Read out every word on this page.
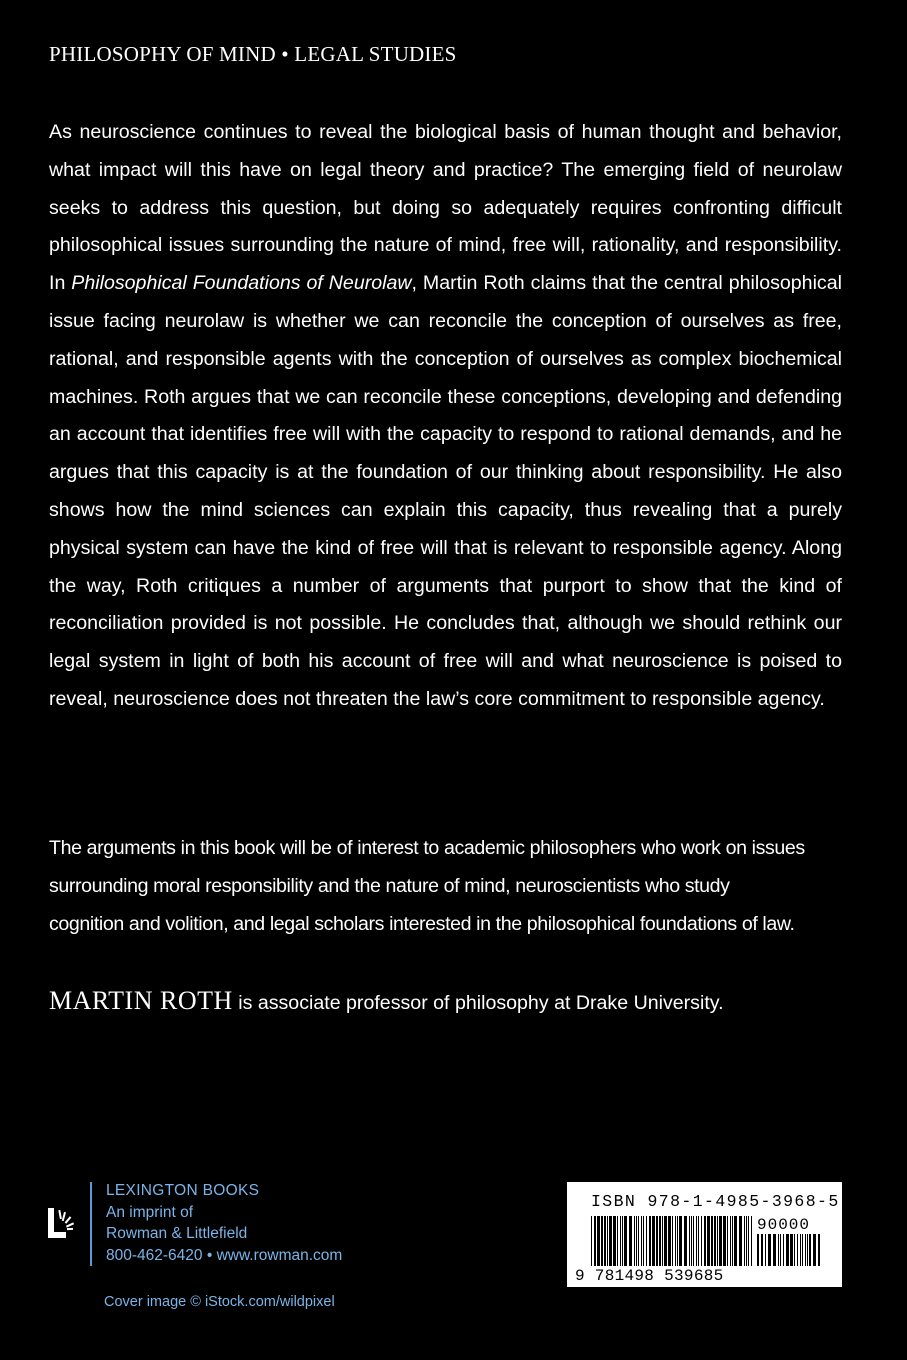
PHILOSOPHY OF MIND • LEGAL STUDIES

As neuroscience continues to reveal the biological basis of human thought and behavior, what impact will this have on legal theory and practice? The emerging field of neurolaw seeks to address this question, but doing so adequately requires confronting difficult philosophical issues surrounding the nature of mind, free will, rationality, and responsibility. In Philosophical Foundations of Neurolaw, Martin Roth claims that the central philosophical issue facing neurolaw is whether we can reconcile the conception of ourselves as free, rational, and responsible agents with the conception of ourselves as complex biochemical machines. Roth argues that we can reconcile these conceptions, developing and defending an account that identifies free will with the capacity to respond to rational demands, and he argues that this capacity is at the foundation of our thinking about responsibility. He also shows how the mind sciences can explain this capacity, thus revealing that a purely physical system can have the kind of free will that is relevant to responsible agency. Along the way, Roth critiques a number of arguments that purport to show that the kind of reconciliation provided is not possible. He concludes that, although we should rethink our legal system in light of both his account of free will and what neuroscience is poised to reveal, neuroscience does not threaten the law’s core commitment to responsible agency.

The arguments in this book will be of interest to academic philosophers who work on issues
surrounding moral responsibility and the nature of mind, neuroscientists who study
cognition and volition, and legal scholars interested in the philosophical foundations of law.

MARTIN ROTH is associate professor of philosophy at Drake University.

LEXINGTON BOOKS
An imprint of
Rowman & Littlefield
800-462-6420 • www.rowman.com
Cover image © iStock.com/wildpixel
ISBN 978-1-4985-3968-5
90000
9 781498 539685
